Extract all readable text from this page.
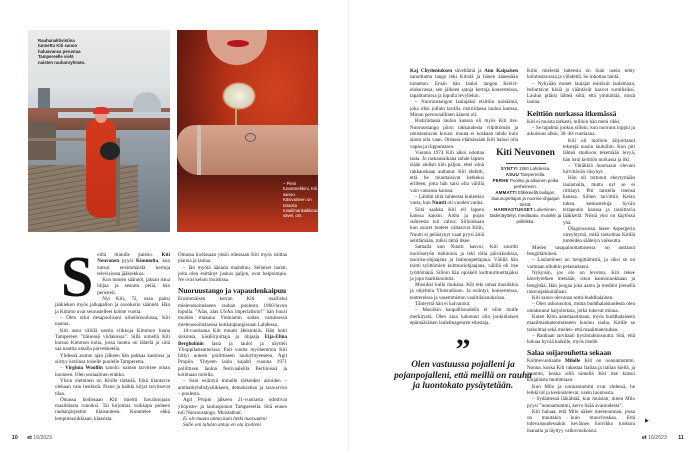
Rauhanaktivistina tunnettu Kiti sanoo haluavansa perustaa Tampereelle vielä naisten rauhanryhmän.
– Pieni turvamerkkini, Kiti sanoo. Käsivarteen on tatuoitu maailmankaikkeuden sävel, om.
S eittä minulle paitsio. Kiti Neuvonen pyysi Kimmolta, kun katsoi ensimmäistä kertoja televisiosta jääkiekkoa.

Kun tunnen säännöt, jaksan istua hiljaa ja seurata peliä, hän perusteli.

Nyt Kiti, 72, osaa paitsi jääkiekon myös jalkapallon ja snookerin säännöt. Hän ja Kimmo ovat seurustelleet kolme vuotta.

– Olen ollut riesapuolisoni urheilukoulussa, Kiti nauraa.

Kiti asuu välillä useita viikkoja Kimmon luona Tampereen ”itäisessä viidakossa”. Sillä nimellä Kiti kutsuu Kimmon kotia, jossa luonto on lähellä ja siitä saa nauttia omalla parvekkeella.

Yhdessä asutun ajan jälkeen hän pakkaa kassinsa ja siirtyy kotiinsa toiselle puolelle Tamperetta.

– Virginia Woolfin sanoin: nainen tarvitsee oman huoneen. Olen sosiaalinen erakko.

Yksin oleminen on Kitille tärkeää. Eikä tilantarve olekaan vain henkistä. Piano ja kaikki kirjat tarvitsevat tilaa.

Omassa kodissaan Kiti miettii havaintojaan maailmasta runoiksi. Tai kirjoittaa vaikkapa puheen rauhanjärjestön tilaisuuteen. Kuuntelee ehkä lempimusiikkiaan, klassista.

Omassa kodissaan yksin ollessaan Kiti myös soittaa pianoa ja laulaa.

– Iän myötä ääniala madaltuu. Sellaiset laulut, joita olen esittänyt joskus paljon, ovat helpoimpia. Ne ovat kehon muistissa.

Nuoruustango ja vapaudenkaipuu

Ensimmäisen kerran Kiti osallistui mielenosoitukseen rauhan puolesta 1960-luvun lopulla. ”Alas, alas USAn imperialismi!” hän huusi muiden mukana Vietnamin sodan vastaisessa mielenosoituksessa kotikaupungissaan Lahdessa.

18-vuotiaana Kiti muutti Helsinkiin. Hän hoiti siskonsa, käsikirjoittaja ja ohjaaja Eija-Elina Bergholmin lasta ja lauloi ja näytteli Ylioppilasteatterissa. Pari vuotta myöhemmin Kiti liittyi uuteen poliittiseen lauluyhtyeeseen, Agit Propiin. Yhtyeen laulu kajahti vuonna 1971 poliittisen laulun festivaaleilla Berliinissä ja kotimaan toreilla.

– Sain esiintyä minulle tärkeiden asioiden – ammattiyhdistysliikkeen, demokratian ja tasa-arvon – puolesta.

Agit Propin jälkeen 21-vuotiasta odottivat yliopisto- ja lauluopinnot Tampereella. Sitä ennen tuli Nuoruustango. Muistathan:

Ei ole muuta antaa kuin hetki nuoruuteni

Sulle sen tahdon antaa en ota itselleni

10 et 16/2023

Kaj Chydeniuksen säveltämä ja Anu Kaipaisen sanoittama tango teki Kitistä ja hänen äänestään tunnetun. Ensin hän lauloi tangon Kreivi-elokuvassa, sen jälkeen satoja kertoja konserteissa, tapahtumissa ja lopulta levyllekin.

– Nuoruustangon laulajaksi etsittiin naisääntä, joka olisi jollain tavalla ristiriidassa laulun kanssa. Minun persoonallinen ääneni oli.

Ristiriidassa laulun kanssa oli myös Kiti itse. Nuoruustango piirsi rakkaudesta vilpittömän ja omistautuvan kuvan: muuta ei koskaan tahdo kuin sinun olla vaan. Omassa elämässään Kiti halusi olla vapaa ja riippumaton.

Vuonna 1974 Kiti alkoi odottaa lasta. Jo raskausaikana suhde lapsen isään ahdisti niin paljon, ettei siinä rakkauskaan auttanut. Kiti ehdotti, että he muuttaisivat hetkeksi erilleen, jotta hän saisi olla välillä vain vatsansa kanssa.

– Lähdin siitä suhteesta kuitenkin vasta, kun Nuutti oli vuoden vanha.

Siitä saakka Kiti eli lapsen kanssa kaksin. Äidin ja pojan suhteesta tuli vahva. Silloinkaan kun suuret tunteet valtasivat Kitin, Nuutti ei pelästynyt vaan pyysi äitiä selittämään, miksi tämä itkee.

Samalla kun Nuutti kasvoi, Kiti suoritti nuorisotyön tutkinnon ja teki töitä päiväkodissa, nuoriso-ohjaajana ja laulunopettajana. Välillä hän toimi työttömien kulttuuriohjaajana, välillä oli itse työttömänä. Silloin hän opiskeli kulttuurituottajaksi ja jopa markkinointia.

Musiikki kulki mukana. Kiti teki omaa musiikkia ja ohjelmia Yleisradioon. Ja esiintyi, konserteissa, teattereissa ja vasemmiston vaalitilaisuuksissa.

Tähteyttä hän ei kaivannut.

– Musiikin kaupallisuudella ei ollut mulle merkitystä. Olen aina halunnut olla jonkinlaisen epämääräisen laulelmagenren edustaja.

”
Olen vastuussa pojalleni ja pojanpojalleni, että meillä on rauha ja luontokato pysäytetään.
Kiti Neuvonen
SYNTYI 1950 Lahdessa.
ASUU Tampereella.
PERHE Puoliso ja aikuinen poika perheineen.
AMMATTI Eläkkeellä laulajan, laulunopettajan ja nuoriso-ohjaajan töistä.
HARRASTUKSET Lukeminen, taidenäyttelyt, meditaatio, musiikki ja politiikka.

Kitin mielestä taiteesta on liian usein tehty kulutustavaraa ja viihdettä. Se inhottaa häntä.

– Nykyään monet laulajat esittävät laulamista, heiluttavat käsiä ja vääntävät kasvot surullisiksi. Laulun pitäisi lähteä siitä, että ymmärtää, mistä laulaa.

Keittiön nurkassa itkemässä

Kiti ei muista tarkasti, milloin hän meni rikki.

– Se tapahtui jonkus silloin, kun nuoruus loppui ja aikuisuus alkoi, 30–40-vuotiaana.

Kiti oli tuolloin kirjoittanut tekstejä uusiin lauluihin. Kun piti lähteä studioon tekemään levyä, hän istui keittiön nurkassa ja itki.

– Yhtäkkiä huomasin olevani hirvittävän väsynyt.

Hän oli tottunut eheytymään laulamalla, mutta nyt se ei riittänyt. Piti taistella itsensä kanssa. Siihen tarvittiin Kelan tukea, keskusteluja hyvän terapeutin kanssa ja tasoittavia lääkkeitä. Niistä yksi on käytössä yhä.

Diagnoosissa lukee Aspergerin oireyhtymä, mikä tarkoittaa Kitillä tunteiden säätelyn vaikeutta.

Mielen tasapainottamisessa on auttanut hengittäminen.

– Laulaminen on hengittämistä, ja siksi se on varmaan ollutkin pelastukseni.

Nykyisin, jos olo on levoton, Kiti tekee kävelyretken metsään, istuu kannonnokkaan ja hengittää. Hän joogaa joka aamu ja meditoi pienellä rukousjakkarallaan.

Kiti sanoo olevansa semi-buddhalainen.

– Olen uskonnoton, mutta buddhalaisuudesta olen omaksunut harjoituksia, jotka tukevat minua.

Kuten Kitin aatemaailmaan, myös buddhalaiseen maailmankatsomukseen kuuluu rauha. Kitille se tarkoittaa sekä mielen- että maailmanrauhaa.

– Rauhaan tarvitaan hyväntahtoisuutta. Sitä, että haluaa hyvää kaikille, myös itselle.

Salaa soijarouhetta sekaan

Kolmevuotiaalle Milolle Kiti on nonnamummi. Nonna, koska Kiti rakastaa Italiaa ja italian kieltä, ja mummi, koska sillä nimellä Kiti itse kutsui karjalaista mummiaan.

Kun Milo ja nonnamummi ovat yhdessä, he leikkivät ja keskustelevat, usein luonnosta.

– Sydämessä läikähtää, kun muistan, miten Milo pyysi ”nonnamummi, kerro lisää avaruudesta”.

Kiti haluaa, että Milo näkee merenrannan, jossa on muutakin kuin muoviroskaa. Että tulevaisuudessakin keväinen koivikko tuoksuu ihanalta ja täyttyy valkovuokoista.

▶
et 16/2023 11
